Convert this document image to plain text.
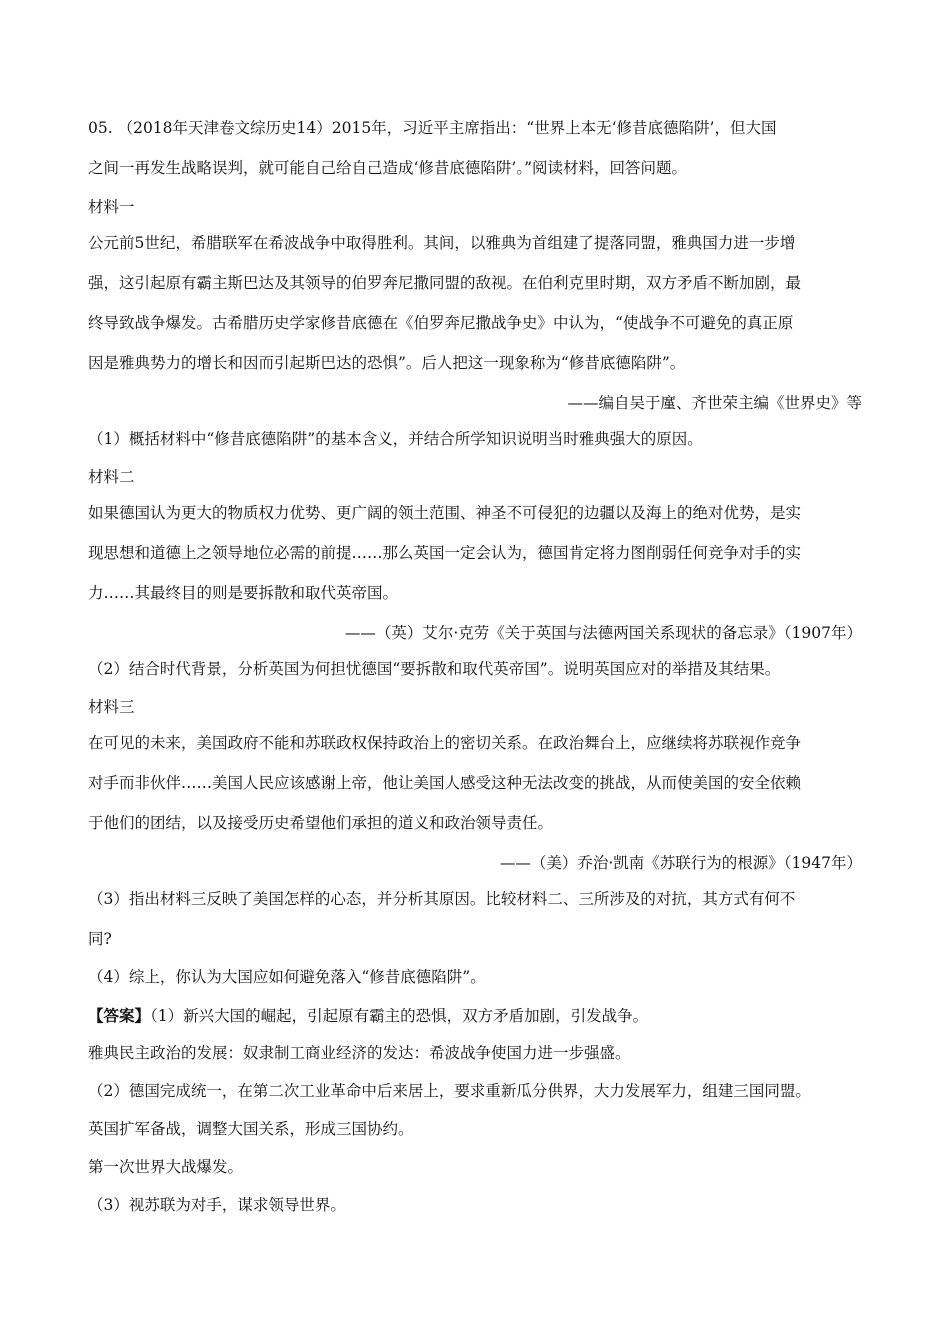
05. （2018年天津卷文综历史14）2015年，习近平主席指出：“世界上本无‘修昔底德陷阱’，但大国
之间一再发生战略误判，就可能自己给自己造成‘修昔底德陷阱’。”阅读材料，回答问题。
材料一
公元前5世纪，希腊联军在希波战争中取得胜利。其间，以雅典为首组建了提落同盟，雅典国力进一步增
强，这引起原有霸主斯巴达及其领导的伯罗奔尼撒同盟的敌视。在伯利克里时期，双方矛盾不断加剧，最
终导致战争爆发。古希腊历史学家修昔底德在《伯罗奔尼撒战争史》中认为，“使战争不可避免的真正原
因是雅典势力的增长和因而引起斯巴达的恐惧”。后人把这一现象称为“修昔底德陷阱”。
——编自吴于廑、齐世荣主编《世界史》等
（1）概括材料中“修昔底德陷阱”的基本含义，并结合所学知识说明当时雅典强大的原因。
材料二
如果德国认为更大的物质权力优势、更广阔的领土范围、神圣不可侵犯的边疆以及海上的绝对优势，是实
现思想和道德上之领导地位必需的前提……那么英国一定会认为，德国肯定将力图削弱任何竞争对手的实
力……其最终目的则是要拆散和取代英帝国。
——（英）艾尔·克劳《关于英国与法德两国关系现状的备忘录》（1907年）
（2）结合时代背景，分析英国为何担忧德国“要拆散和取代英帝国”。说明英国应对的举措及其结果。
材料三
在可见的未来，美国政府不能和苏联政权保持政治上的密切关系。在政治舞台上，应继续将苏联视作竞争
对手而非伙伴……美国人民应该感谢上帝，他让美国人感受这种无法改变的挑战，从而使美国的安全依赖
于他们的团结，以及接受历史希望他们承担的道义和政治领导责任。
——（美）乔治·凯南《苏联行为的根源》（1947年）
（3）指出材料三反映了美国怎样的心态，并分析其原因。比较材料二、三所涉及的对抗，其方式有何不
同?
（4）综上，你认为大国应如何避免落入“修昔底德陷阱”。
【答案】（1）新兴大国的崛起，引起原有霸主的恐惧，双方矛盾加剧，引发战争。
雅典民主政治的发展：奴隶制工商业经济的发达：希波战争使国力进一步强盛。
（2）德国完成统一，在第二次工业革命中后来居上，要求重新瓜分供界，大力发展军力，组建三国同盟。
英国扩军备战，调整大国关系，形成三国协约。
第一次世界大战爆发。
（3）视苏联为对手，谋求领导世界。
